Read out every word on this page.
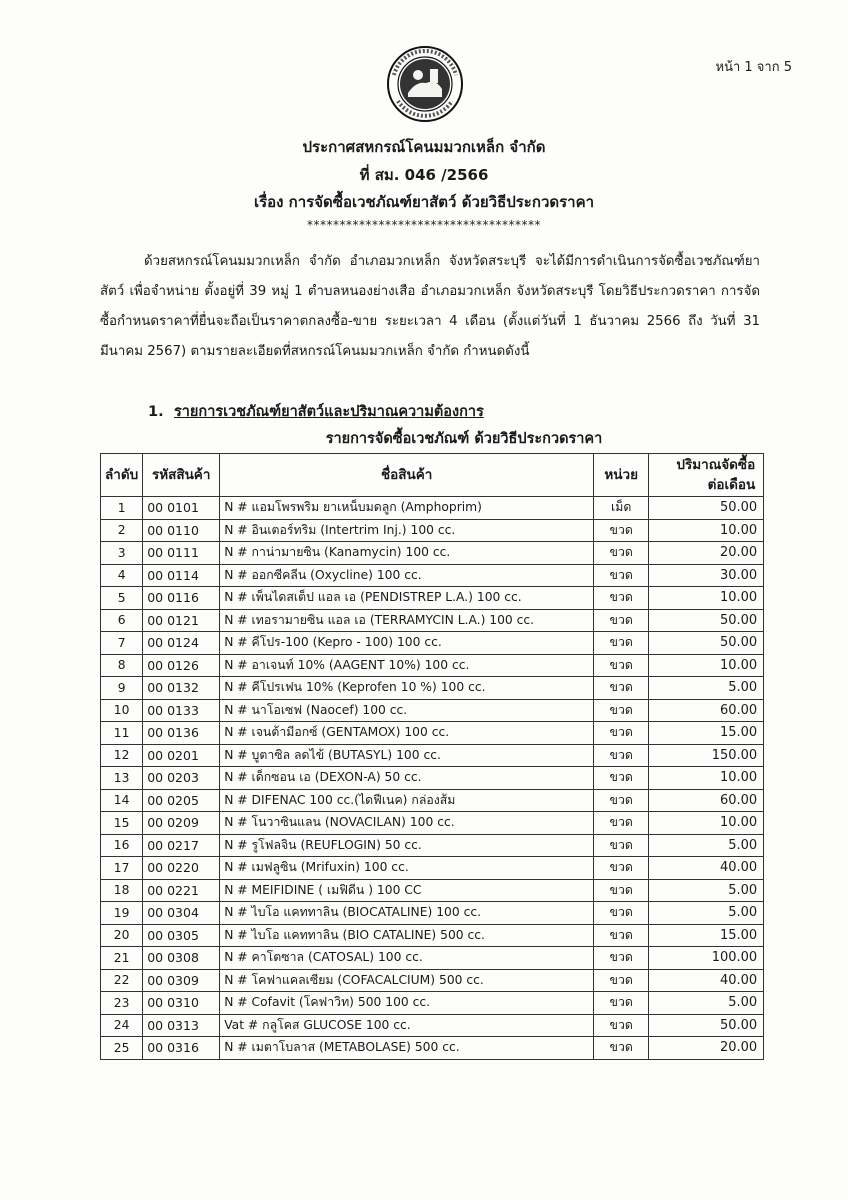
หน้า 1 จาก 5
ประกาศสหกรณ์โคนมมวกเหล็ก จำกัด
ที่ สม. 046 /2566
เรื่อง การจัดซื้อเวชภัณฑ์ยาสัตว์ ด้วยวิธีประกวดราคา
************************************
ด้วยสหกรณ์โคนมมวกเหล็ก จำกัด อำเภอมวกเหล็ก จังหวัดสระบุรี จะได้มีการดำเนินการจัดซื้อเวชภัณฑ์ยาสัตว์ เพื่อจำหน่าย ตั้งอยู่ที่ 39 หมู่ 1 ตำบลหนองย่างเสือ อำเภอมวกเหล็ก จังหวัดสระบุรี โดยวิธีประกวดราคา การจัดซื้อกำหนดราคาที่ยื่นจะถือเป็นราคาตกลงซื้อ-ขาย ระยะเวลา 4 เดือน (ตั้งแต่วันที่ 1 ธันวาคม 2566 ถึง วันที่ 31 มีนาคม 2567) ตามรายละเอียดที่สหกรณ์โคนมมวกเหล็ก จำกัด กำหนดดังนี้
1. รายการเวชภัณฑ์ยาสัตว์และปริมาณความต้องการ
รายการจัดซื้อเวชภัณฑ์ ด้วยวิธีประกวดราคา
ลำดับ	รหัสสินค้า	ชื่อสินค้า	หน่วย	ปริมาณจัดซื้อ
ต่อเดือน
1	00 0101	N # แอมโพรพริม ยาเหน็บมดลูก (Amphoprim)	เม็ด	50.00
2	00 0110	N # อินเตอร์ทริม (Intertrim Inj.) 100 cc.	ขวด	10.00
3	00 0111	N # กาน่ามายซิน (Kanamycin) 100 cc.	ขวด	20.00
4	00 0114	N # ออกซีคลีน (Oxycline) 100 cc.	ขวด	30.00
5	00 0116	N # เพ็นไดสเต็ป แอล เอ (PENDISTREP L.A.) 100 cc.	ขวด	10.00
6	00 0121	N # เทอรามายซิน แอล เอ (TERRAMYCIN L.A.) 100 cc.	ขวด	50.00
7	00 0124	N # คีโปร-100 (Kepro - 100) 100 cc.	ขวด	50.00
8	00 0126	N # อาเจนท์ 10% (AAGENT 10%) 100 cc.	ขวด	10.00
9	00 0132	N # คีโปรเฟน 10% (Keprofen 10 %) 100 cc.	ขวด	5.00
10	00 0133	N # นาโอเซฟ (Naocef) 100 cc.	ขวด	60.00
11	00 0136	N # เจนต้ามีอกซ์ (GENTAMOX) 100 cc.	ขวด	15.00
12	00 0201	N # บูตาซิล ลดไข้ (BUTASYL) 100 cc.	ขวด	150.00
13	00 0203	N # เด็กซอน เอ (DEXON-A) 50 cc.	ขวด	10.00
14	00 0205	N # DIFENAC 100 cc.(ไดฟีเนค) กล่องส้ม	ขวด	60.00
15	00 0209	N # โนวาซินแลน (NOVACILAN) 100 cc.	ขวด	10.00
16	00 0217	N # รูโฟลจิน (REUFLOGIN) 50 cc.	ขวด	5.00
17	00 0220	N # เมฟลูซิน (Mrifuxin) 100 cc.	ขวด	40.00
18	00 0221	N # MEIFIDINE ( เมฟิดีน ) 100 CC	ขวด	5.00
19	00 0304	N # ไบโอ แคททาลิน (BIOCATALINE) 100 cc.	ขวด	5.00
20	00 0305	N # ไบโอ แคททาลิน (BIO CATALINE) 500 cc.	ขวด	15.00
21	00 0308	N # คาโตซาล (CATOSAL) 100 cc.	ขวด	100.00
22	00 0309	N # โคฟาแคลเซียม (COFACALCIUM) 500 cc.	ขวด	40.00
23	00 0310	N # Cofavit (โคฟาวิท) 500 100 cc.	ขวด	5.00
24	00 0313	Vat # กลูโคส GLUCOSE 100 cc.	ขวด	50.00
25	00 0316	N # เมตาโบลาส (METABOLASE) 500 cc.	ขวด	20.00
